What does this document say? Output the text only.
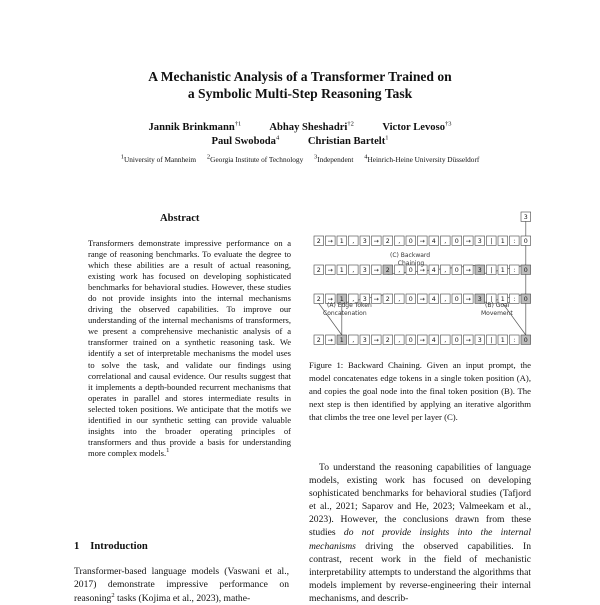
A Mechanistic Analysis of a Transformer Trained on
a Symbolic Multi-Step Reasoning Task
Jannik Brinkmann$^{\dagger 1}$	Abhay Sheshadri$^{\dagger 2}$	Victor Levoso$^{\dagger 3}$
Paul Swoboda$^4$	Christian Bartelt$^1$
$^1$University of Mannheim $^2$Georgia Institute of Technology $^3$Independent $^4$Heinrich-Heine University Düsseldorf
Abstract
Transformers demonstrate impressive performance on a range of reasoning benchmarks. To evaluate the degree to which these abilities are a result of actual reasoning, existing work has focused on developing sophisticated benchmarks for behavioral studies. However, these studies do not provide insights into the internal mechanisms driving the observed capabilities. To improve our understanding of the internal mechanisms of transformers, we present a comprehensive mechanistic analysis of a transformer trained on a synthetic reasoning task. We identify a set of interpretable mechanisms the model uses to solve the task, and validate our findings using correlational and causal evidence. Our results suggest that it implements a depth-bounded recurrent mechanisms that operates in parallel and stores intermediate results in selected token positions. We anticipate that the motifs we identified in our synthetic setting can provide valuable insights into the broader operating principles of transformers and thus provide a basis for understanding more complex models.$^1$
1 Introduction
Transformer-based language models (Vaswani et al., 2017) demonstrate impressive performance on reasoning$^2$ tasks (Kojima et al., 2023), mathe-
2 → 1 , 3 → 2 , 0 → 4 , 0 → 3 | 1 : 0
2 → 1 , 3 → 2 , 0 → 4 , 0 → 3 | 1 : 0
2 → 1 , 3 → 2 , 0 → 4 , 0 → 3 | 1 : 0
2 → 1 , 3 → 2 , 0 → 4 , 0 → 3 | 1 : 0
3
(C) Backward Chaining
(A) Edge Token Concatenation
(B) Goal Movement
Figure 1: Backward Chaining. Given an input prompt, the model concatenates edge tokens in a single token position (A), and copies the goal node into the final token position (B). The next step is then identified by applying an iterative algorithm that climbs the tree one level per layer (C).
To understand the reasoning capabilities of language models, existing work has focused on developing sophisticated benchmarks for behavioral studies (Tafjord et al., 2021; Saparov and He, 2023; Valmeekam et al., 2023). However, the conclusions drawn from these studies do not provide insights into the internal mechanisms driving the observed capabilities. In contrast, recent work in the field of mechanistic interpretability attempts to understand the algorithms that models implement by reverse-engineering their internal mechanisms, and describ-
